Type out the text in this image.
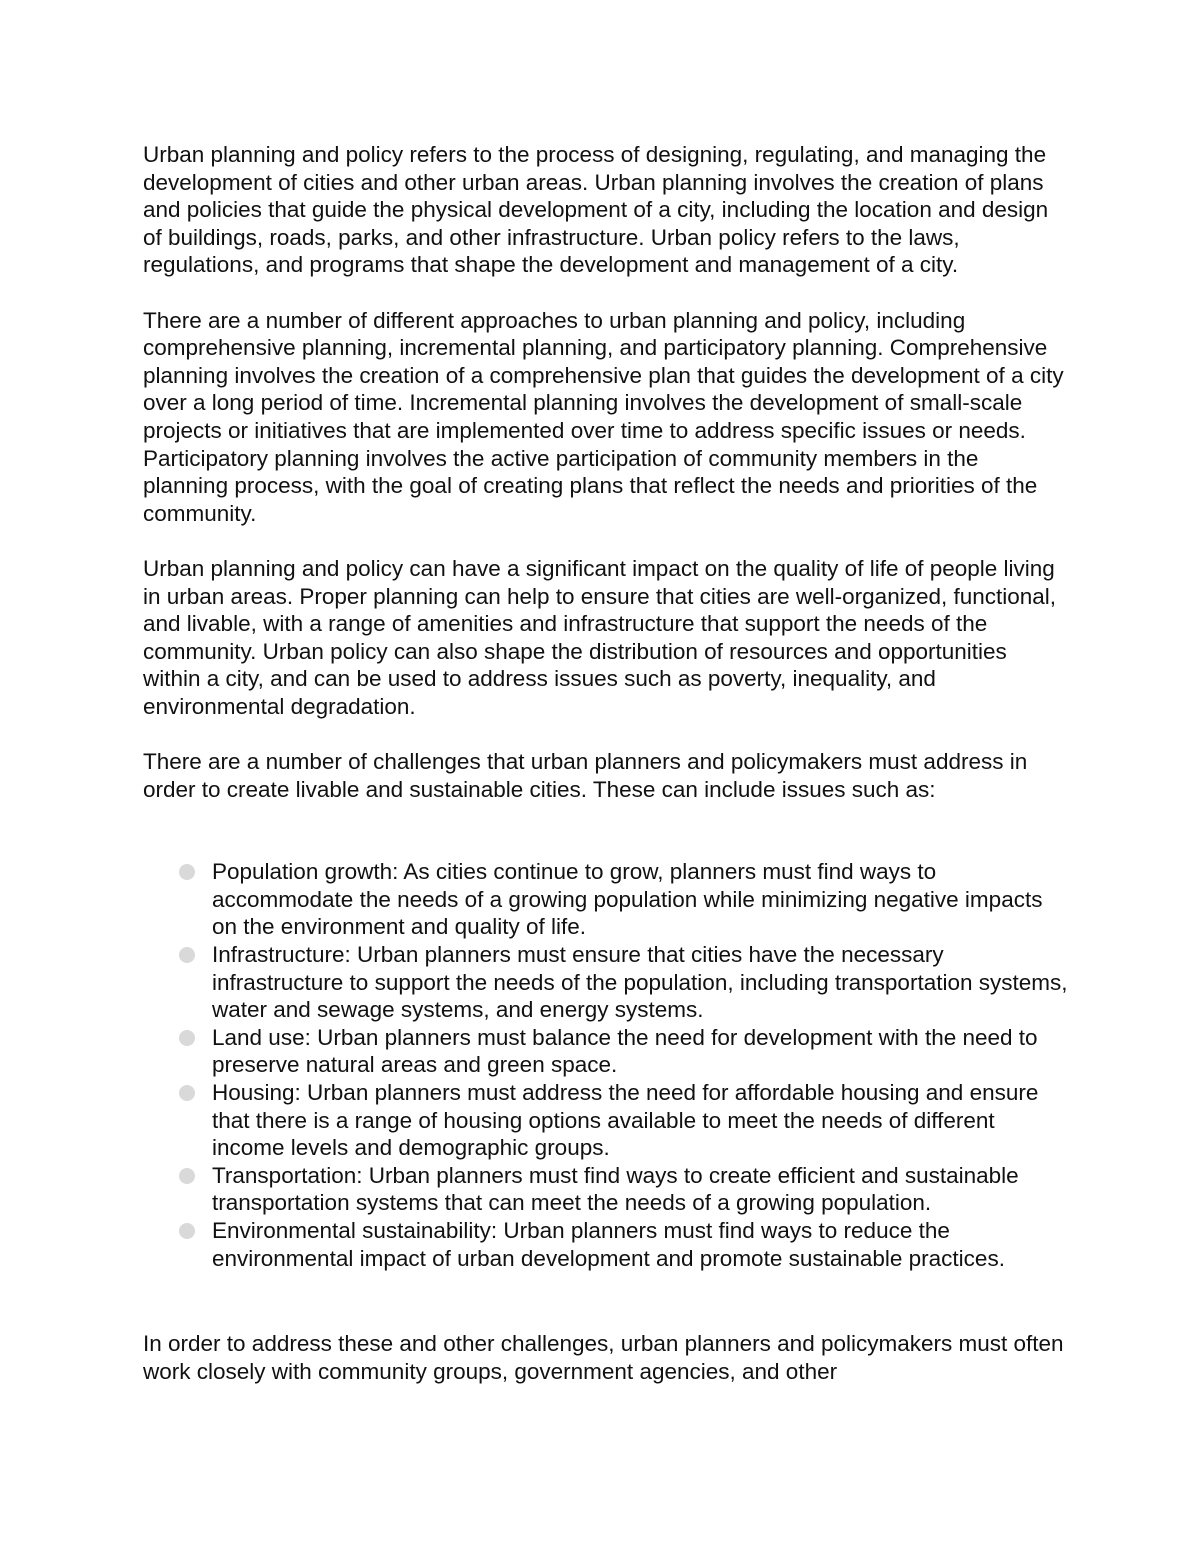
Urban planning and policy refers to the process of designing, regulating, and managing the development of cities and other urban areas. Urban planning involves the creation of plans and policies that guide the physical development of a city, including the location and design of buildings, roads, parks, and other infrastructure. Urban policy refers to the laws, regulations, and programs that shape the development and management of a city.

There are a number of different approaches to urban planning and policy, including comprehensive planning, incremental planning, and participatory planning. Comprehensive planning involves the creation of a comprehensive plan that guides the development of a city over a long period of time. Incremental planning involves the development of small-scale projects or initiatives that are implemented over time to address specific issues or needs. Participatory planning involves the active participation of community members in the planning process, with the goal of creating plans that reflect the needs and priorities of the community.

Urban planning and policy can have a significant impact on the quality of life of people living in urban areas. Proper planning can help to ensure that cities are well-organized, functional, and livable, with a range of amenities and infrastructure that support the needs of the community. Urban policy can also shape the distribution of resources and opportunities within a city, and can be used to address issues such as poverty, inequality, and environmental degradation.

There are a number of challenges that urban planners and policymakers must address in order to create livable and sustainable cities. These can include issues such as:

Population growth: As cities continue to grow, planners must find ways to accommodate the needs of a growing population while minimizing negative impacts on the environment and quality of life.
Infrastructure: Urban planners must ensure that cities have the necessary infrastructure to support the needs of the population, including transportation systems, water and sewage systems, and energy systems.
Land use: Urban planners must balance the need for development with the need to preserve natural areas and green space.
Housing: Urban planners must address the need for affordable housing and ensure that there is a range of housing options available to meet the needs of different income levels and demographic groups.
Transportation: Urban planners must find ways to create efficient and sustainable transportation systems that can meet the needs of a growing population.
Environmental sustainability: Urban planners must find ways to reduce the environmental impact of urban development and promote sustainable practices.

In order to address these and other challenges, urban planners and policymakers must often work closely with community groups, government agencies, and other
